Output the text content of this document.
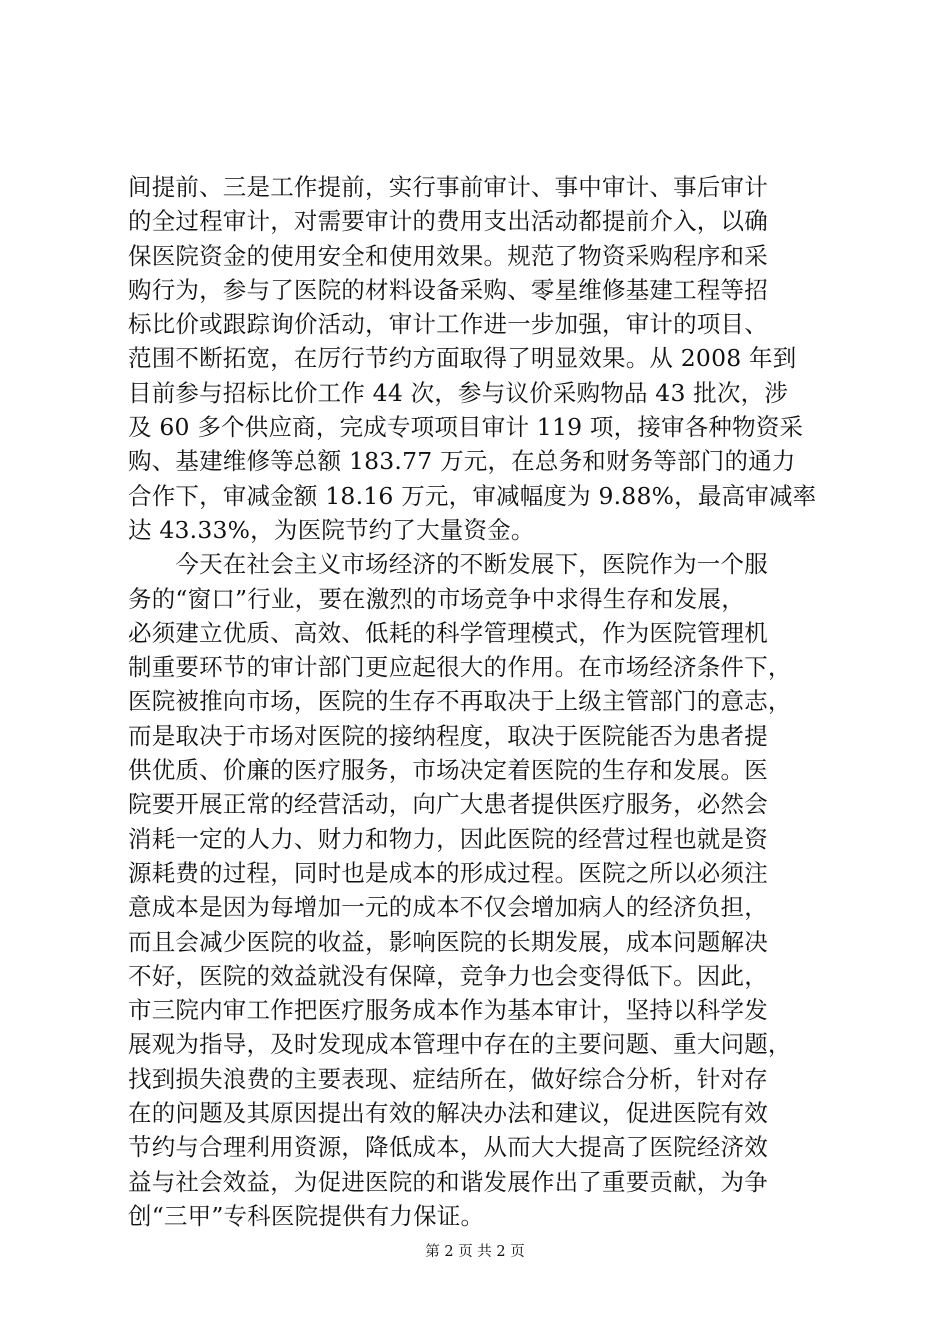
间提前、三是工作提前，实行事前审计、事中审计、事后审计
的全过程审计，对需要审计的费用支出活动都提前介入，以确
保医院资金的使用安全和使用效果。规范了物资采购程序和采
购行为，参与了医院的材料设备采购、零星维修基建工程等招
标比价或跟踪询价活动，审计工作进一步加强，审计的项目、
范围不断拓宽，在厉行节约方面取得了明显效果。从 2008 年到
目前参与招标比价工作 44 次，参与议价采购物品 43 批次，涉
及 60 多个供应商，完成专项项目审计 119 项，接审各种物资采
购、基建维修等总额 183.77 万元，在总务和财务等部门的通力
合作下，审减金额 18.16 万元，审减幅度为 9.88%，最高审减率
达 43.33%，为医院节约了大量资金。
　　今天在社会主义市场经济的不断发展下，医院作为一个服
务的“窗口”行业，要在激烈的市场竞争中求得生存和发展，
必须建立优质、高效、低耗的科学管理模式，作为医院管理机
制重要环节的审计部门更应起很大的作用。在市场经济条件下，
医院被推向市场，医院的生存不再取决于上级主管部门的意志，
而是取决于市场对医院的接纳程度，取决于医院能否为患者提
供优质、价廉的医疗服务，市场决定着医院的生存和发展。医
院要开展正常的经营活动，向广大患者提供医疗服务，必然会
消耗一定的人力、财力和物力，因此医院的经营过程也就是资
源耗费的过程，同时也是成本的形成过程。医院之所以必须注
意成本是因为每增加一元的成本不仅会增加病人的经济负担，
而且会减少医院的收益，影响医院的长期发展，成本问题解决
不好，医院的效益就没有保障，竞争力也会变得低下。因此，
市三院内审工作把医疗服务成本作为基本审计，坚持以科学发
展观为指导，及时发现成本管理中存在的主要问题、重大问题，
找到损失浪费的主要表现、症结所在，做好综合分析，针对存
在的问题及其原因提出有效的解决办法和建议，促进医院有效
节约与合理利用资源，降低成本，从而大大提高了医院经济效
益与社会效益，为促进医院的和谐发展作出了重要贡献，为争
创“三甲”专科医院提供有力保证。
第 2 页 共 2 页
